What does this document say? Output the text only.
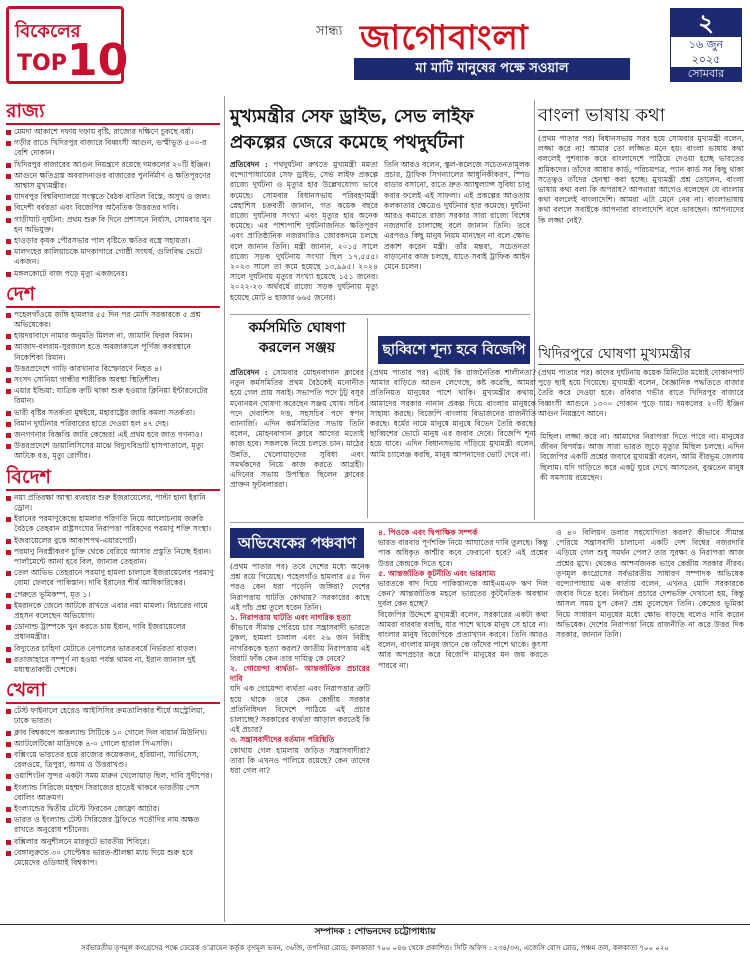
বিকেলের
TOP 10
সান্ধ্য জাগোবাংলা
মা মাটি মানুষের পক্ষে সওয়াল
২
১৬ জুন
২০২৫
সোমবার
রাজ্য
মেমদা আকাশে দফায় দফায় বৃষ্টি, রাজ্যের দক্ষিণে চুকছে বর্ষা।
গড়ীর রাতে খিদিরপুর বাজারে বিধ্বংসী আগুন, ভস্মীভূত ৫০০-র বেশি দোকান।
খিদিরপুর বাজারের আগুন নিয়ন্ত্রণে রয়েছে দমকলের ২০টি ইঞ্জিন।
আগুনে ক্ষতিগ্রস্ত অবরাদনাগুর বাজারের পুনর্নির্মাণ ও ক্ষতিপূরণের আশ্বাস মুখ্যমন্ত্রীর।
যাদবপুর বিশ্ববিদ্যালয়ে সংস্কৃতে বৈঠক বাতিল বিস্তে, অসুখ ও জল।
বিদেশী বর্বরতা এবং বিজেপির অনৈতিক উত্তরতর দাবি।
গাড়ীঘাট দুর্ঘটনা: প্রথম শুরু বি দিনে প্রশাসনে নির্যাস, সোমবার খুন হন অভিযুক্ত।
হাওড়ার কৃষক পৌরসভার পাল বৃষ্টিতে ক্ষতির বস্ত্রে সহায়তা।
মালদহের কালিয়াচকে মাদকাগারে গোষ্ঠী সংঘর্ষ, গুলিবিদ্ধ ভেটে একজন।
মঙ্গলকোটে বাজ পড়ে মৃত্যু একজনের।
দেশ
পহেলগাঁওয়ে জঙ্গি হামলার ৫৫ দিন পর মোদি সরকারকে ৫ প্রশ্ন অভিষেকের।
হায়দরাবাদে নামার অনুমতি মিলল না, জামানি ফিরল বিমান।
আজাদ-বলরাম-সুরজাল হতে অবজাকালে পূর্ণিজ কবরস্থানে নিকেশিকা রিমান।
উত্তরপ্রদেশে গাড়ি কারখানার বিস্ফোরণে নিহত ৪।
সংসদ সোনিয়া গান্ধীর শারীরিক অবস্থা স্থিতিশীল।
এয়ার ইন্ডিয়া: যাত্রিক ক্রটি থাকা শুরু হওয়ার ক্লিনিয়া ইন্টারনেটের রিমান।
ভারী বৃষ্টির সতর্কতা মুম্বইয়ে, মহারাষ্ট্রের জারি কমলা সতর্কতা।
বিমান দুর্ঘটনার পরিবারের হাতে দেওয়া হল ৪৭ দেহ।
জনগণনার বিজ্ঞপ্তি জারি কেন্দ্রের! এই প্রথম হবে জাত গণনাও।
উত্তরপ্রদেশে ডায়ালিসিসের মাঝে বিদ্যুৎবিভ্রাট হাসপাতালে, মৃত্যু আটকে রঙ, মৃত্যু রোগীর।
বিদেশ
নয়া প্রতিরক্ষা আস্থা ব্যবহার শুরু ইজরায়েলের, পাল্টা হানা ইরানি ড্রোন।
ইরানের পরমাণুকেন্দ্রে হামলার পরিণতি নিয়ে আলোচনায় জরুরি বৈঠকে তেহরান রাষ্ট্রসংঘের নিরাপত্তা পরিষদের পরমাণু শক্তি সংস্থা।
ইজরায়েলের বুকে আকাশপথ-এয়ারপোর্ট।
পরমাণু নিরস্ত্রীকরণ চুক্তি থেকে বেরিয়ে আসার প্রস্তুতি নিচ্ছে ইরান। পার্লামেন্টে আনা হবে বিল, জানাল তেহরান।
তেল আভিভ তেহরানে পরমাণু হামলা চালালে ইজরায়েলের পরমাণু বোমা ফেলবে পাকিস্তান। দাবি ইরানের শীর্ষ আধিকারিকের।
পেরুতে ভূমিকম্প, মৃত ১।
ইমরানকে জেলে আটকে রাখতে এবার নয়া মামলা। বিচারের নামে প্রহসন বলেছেন অভিযোগ।
ডোনাল্ড ট্রাম্পকে খুন করতে চায় ইরান, দাবি ইজরায়েলের প্রধানমন্ত্রীর।
বিদ্যুতের চাহিদা মেটাতে নেপালের ভারতবর্ষে নির্ভরতা বাড়ল।
রতাজাহারে সম্পূর্ণ না হওয়া পর্যন্ত থামব না, ইরান জানাল দুই মধ্যস্থতাকারী দেশকে।
খেলা
টেস্ট ফাইনালে হেরেও আইসিসির ক্রমতালিকার শীর্ষে অস্ট্রেলিয়া, ঢাকে ভারত।
ক্লাব বিশ্বকাপে অকল্যান্ড সিটিকে ১০ গোলে দিল বায়ার্ন মিউনিখ।
অ্যাটলেটিকো মাদ্রিদকে ৪-০ গোলে হারাল পিএসজি।
বক্সিংয়ে ভারতের হয়ে রাজ্যের কয়েকজন, হরিয়ানা, সার্ভিসেস, রেলওয়ে, ত্রিপুরা, অসম ও উত্তরাখণ্ড।
ওয়াশিংটন সুন্দর একটা সময় মারুন খেলোয়াড় ছিল, দাবি সুদীপের।
ইংল্যান্ড সিরিজে মহম্মদ সিরাজের হাতেই থাকবে ভারতীয় পেস বোলিং আক্রমণ।
ইংল্যান্ডের দ্বিতীয় টেস্টে ফিরবেন জোফ্রা আর্চার।
ভারত ও ইংল্যান্ড টেস্ট সিরিজের ট্রফিতে পতৌদির নাম অক্ষত রাখতে অনুরোধ শচীনের।
বক্সিলার অনুশীলনে মারকুটে ভারতীয় শিবিরে।
বেঙ্গালুরুতে ৩০ সেপ্টেম্বর ভারত-শ্রীলঙ্কা ম্যাচ দিয়ে শুরু হবে মেয়েদের ওডিআই বিশ্বকাপ।
মুখ্যমন্ত্রীর সেফ ড্রাইভ, সেভ লাইফ প্রকল্পের জেরে কমেছে পথদুর্ঘটনা
প্রতিবেদন : পথদুর্ঘটনা রুখতে মুখ্যমন্ত্রী মমতা বন্দ্যোপাধ্যায়ের সেফ ড্রাইভ, সেভ লাইফ প্রকল্পে রাজ্যে দুর্ঘটনা ও মৃত্যুর হার উল্লেখযোগ্য ভাবে কমেছে। সোমবার বিধানসভায় পরিবহণমন্ত্রী স্নেহাশিস চক্রবর্তী জানান, গত কয়েক বছরে রাজ্যে দুর্ঘটনার সংখ্যা এবং মৃত্যুর হার অনেক কমেছে। এর পাশাপাশি দুর্ঘটনাজনিত ক্ষতিপূরণ এবং প্রাতিষ্ঠানিক নজরদারিও জোরকদমে চলছে বলে জানান তিনি। মন্ত্রী জানান, ২০১৫ সালে রাজ্যে সড়ক দুর্ঘটনায় সংখ্যা ছিল ১৭,৫৫৫। ২০২৩ সালে তা কমে হয়েছে ১৩,৯৯৫। ২০২৪ সালে দুর্ঘটনায় মৃত্যুর সংখ্যা হয়েছে ১৫১ জনের। ২০২২-২৩ অর্থবর্ষে রাজ্যে সড়ক দুর্ঘটনায় মৃত্যু হয়েছে মোট ৪ হাজার ৬৬৫ জনের।
তিনি আরও বলেন, স্কুল-কলেজে সচেতনতামূলক প্রচার, ট্রাফিক সিগন্যালের আধুনিকীকরণ, স্পিড রাডার বসানো, রাতে দ্রুত অ্যাম্বুল্যান্স সুবিধা চালু করার ফলেই এই সাফল্য। এই প্রকল্পের আওতায় কলকাতার ক্ষেত্রেও দুর্ঘটনার হার কমেছে। দুর্ঘটনা আরও কমাতে রাজ্য সরকার সারা রাজ্যে বিশেষ নজরদারি চালাচ্ছে বলে জানান তিনি। তবে এরপরও কিছু মানুষ নিয়ম মানছেন না বলে ক্ষোভ প্রকাশ করেন মন্ত্রী। তাঁর মন্তব্য, সচেতনতা বাড়ানোর কাজ চলছে, যাতে সবাই ট্রাফিক আইন মেনে চলেন।
বাংলা ভাষায় কথা
(প্রথম পাতার পর) বিধানসভায় সরব হয়ে সোমবার মুখ্যমন্ত্রী বলেন, লজ্জা করে না! আমার তো লজ্জিত মনে হয়। বাংলা ভাষায় কথা বললেই পুশব্যাক করে বাংলাদেশে পাঠিয়ে দেওয়া হচ্ছে ভারতের শ্রমিকদের। তাঁদের আধার কার্ড, পরিচয়পত্র, প্যান কার্ড সব কিছু থাকা সত্ত্বেও তাঁদের হেনস্থা করা হচ্ছে। মুখ্যমন্ত্রী প্রশ্ন তোলেন, বাংলা ভাষায় কথা বলা কি অপরাধ? আপনারা আগেও বলেছেন যে বাংলায় কথা বললেই বাংলাদেশি। আমরা এটা মেনে নেব না। বাংলাভাষায় কথা বললে সবাইকে আপনারা বাংলাদেশি বলে ভাবছেন। আপনাদের কি লজ্জা নেই?
খিদিরপুরে ঘোষণা মুখ্যমন্ত্রীর
(প্রথম পাতার পর) কাদের দুর্ঘটনায় কয়েক মিনিটের মধ্যেই দোকানপাট পুড়ে ছাই হয়ে গিয়েছে। মুখ্যমন্ত্রী বলেন, বৈজ্ঞানিক পদ্ধতিতে বাজার তৈরি করে দেওয়া হবে। রবিবার গভীর রাতে খিদিরপুর বাজারে বিধ্বংসী আগুনে ১৩০০ দোকান পুড়ে যায়। দমকলের ২০টি ইঞ্জিন আগুন নিয়ন্ত্রণে আনে।
কর্মসমিতি ঘোষণা করলেন সঞ্জয়
প্রতিবেদন : সোমবার মোহনবাগান ক্লাবের নতুন কর্মসমিতির প্রথম বৈঠকেই মনোনীত হয়ে গেল প্রায় সবাই। সভাপতি পদে টুটু বসুর মনোনয়ন ঘোষণা করেছেন সঞ্জয় ঘোষ। সচিব পদে দেবাশিস দত্ত, সহসচিব পদে স্বপন ব্যানার্জি। এদিন কর্মসমিতির সভায় তিনি বলেন, মোহনবাগান ক্লাবে আগের মতোই কাজ হবে। সকলকে নিয়ে চলতে চান। মাঠের উন্নতি, খেলোয়াড়দের সুবিধা এবং সমর্থকদের নিয়ে কাজ করতে আগ্রহী। এদিনের সভায় উপস্থিত ছিলেন ক্লাবের প্রাক্তন ফুটবলাররা।
ছাব্বিশে শূন্য হবে বিজেপি
(প্রথম পাতার পর) এটাই কি রাজনৈতিক শালীনতা? আমার বাড়িতে আগুন লেগেছে, কষ্ট করেছি, আমরা প্রতিনিয়ত মানুষের পাশে থাকি। মুখ্যমন্ত্রীর কথায়, আমাদের সরকার নানান প্রকল্প দিয়ে বাংলার মানুষকে সাহায্য করছে। বিজেপি বাংলায় বিভাজনের রাজনীতি করছে। ধর্মের নামে মানুষে মানুষে বিভেদ তৈরি করছে। ছাব্বিশের ভোটে মানুষ এর জবাব দেবে। বিজেপি শূন্য হয়ে যাবে। এদিন বিধানসভায় দাঁড়িয়ে মুখ্যমন্ত্রী বলেন, আমি চ্যালেঞ্জ করছি, মানুষ আপনাদের ভোট দেবে না।
মিছিল। লজ্জা করে না। আমাদের নিরাপত্তা দিতে পারে না। মানুষের জীবন বিপর্যস্ত। আজ সারা ভারত জুড়ে মৃত্যুর মিছিল চলছে। এদিন বিজেপির একটি প্রশ্নের জবাবে মুখ্যমন্ত্রী বলেন, আমি বীরভূম জেলায় ছিলাম। যদি গাড়িতে করে একটু ঘুরে দেখে আসতেন, বুঝতেন মানুষ কী সমস্যায় রয়েছেন।
অভিষেকের পঞ্চবাণ
(প্রথম পাতার পর) তবে দেশের মধ্যে অনেক প্রশ্ন রয়ে গিয়েছে। পহেলগাঁও হামলার ৫৫ দিন পরও কেন ধরা পড়েনি জঙ্গিরা? দেশের নিরাপত্তায় ঘাটতি কোথায়? সরকারের কাছে এই পাঁচ প্রশ্ন তুলে ধরেন তিনি।
১. নিরাপত্তায় ঘাটতি এবং নাগরিক হত্যা
কীভাবে সীমান্ত পেরিয়ে চার সন্ত্রাসবাদী ভারতে ঢুকল, হামলা চালাল এবং ২৬ জন নিরীহ নাগরিককে হত্যা করল? জাতীয় নিরাপত্তায় এই বিরাট ফাঁক কেন তার দায়িত্ব কে নেবে?
২. গোয়েন্দা ব্যর্থতা– আন্তর্জাতিক প্রচারের দাবি
যদি এক গোয়েন্দা ব্যর্থতা এবং নিরাপত্তার ত্রুটি হয়ে থাকে তবে কেন কেন্দ্রীয় সরকার প্রতিনিধিদল বিদেশে পাঠিয়ে এই প্রচার চালাচ্ছে? সরকারের ব্যর্থতা আড়াল করতেই কি এই প্রচার?
৩. সন্ত্রাসবাদীদের বর্তমান পরিস্থিতি
কোথায় গেল হামলায় জড়িত সন্ত্রাসবাদীরা? তারা কি এখনও পালিয়ে রয়েছে? কেন তাদের ধরা গেল না?
৪. পিওকে এবং দ্বিপাক্ষিক সম্পর্ক
ভারত বারবার পূর্ণশক্তি নিয়ে আঘাতের দাবি তুলছে। কিন্তু পাক অধিকৃত কাশ্মীর কবে ফেরানো হবে? এই প্রশ্নের উত্তর কেন্দ্রকে দিতে হবে।
৫. আন্তর্জাতিক কূটনীতি এবং ভারসাম্য
ভারতকে বাদ দিয়ে পাকিস্তানকে আইএমএফ ঋণ দিল কেন? আন্তর্জাতিক মহলে ভারতের কূটনৈতিক অবস্থান দুর্বল কেন হচ্ছে?
বিজেপির উদ্দেশে মুখ্যমন্ত্রী বলেন, সরকারের একটা কথা আমরা বারবার বলছি, যার পাশে থাকে মানুষ সে হারে না। বাংলার মানুষ বিজেপিকে প্রত্যাখ্যান করবে। তিনি আরও বলেন, বাংলার মানুষ জানে কে তাঁদের পাশে থাকে। কুৎসা আর অপপ্রচার করে বিজেপি মানুষের মন জয় করতে পারবে না।
ও ৪০ বিলিয়ন ডলার সহযোগিতা করল? কীভাবে সীমান্ত পেরিয়ে সন্ত্রাসবাদী চালানো একটি দেশ বিশ্বের নজরদারি এড়িয়ে গেল শুধু সমর্থন পেল? তার সুরক্ষা ও নিরাপত্তা আজ প্রশ্নের মুখে। থেকেও আশ্চর্যজনক ভাবে কেন্দ্রীয় সরকার নীরব। তৃণমূল কংগ্রেসের সর্বভারতীয় সাধারণ সম্পাদক অভিষেক বন্দ্যোপাধ্যায় এক বার্তায় বলেন, এখনও মোদি সরকারকে জবাব দিতে হবে। নির্বাচন প্রচারে দেশভক্তি দেখানো হয়, কিন্তু আসল সময় চুপ কেন? প্রশ্ন তুলেছেন তিনি। কেন্দ্রের ভূমিকা নিয়ে সাধারণ মানুষের মধ্যে ক্ষোভ বাড়ছে বলেও দাবি করেন অভিষেক। দেশের নিরাপত্তা নিয়ে রাজনীতি না করে উত্তর দিক সরকার, জানান তিনি।
সম্পাদক : শোভনদেব চট্টোপাধ্যায়
সর্বভারতীয় তৃণমূল কংগ্রেসের পক্ষে ডেরেক ও'ব্রায়েন কর্তৃক তৃণমূল ভবন, ৩৬জি, তপসিয়া রোড, কলকাতা ৭০০ ০৪৬ থেকে প্রকাশিত। সিটি অফিস : ২৩৪/৩এ, এজেসি বোস রোড, পঞ্চম তল, কলকাতা ৭০০ ০২০
